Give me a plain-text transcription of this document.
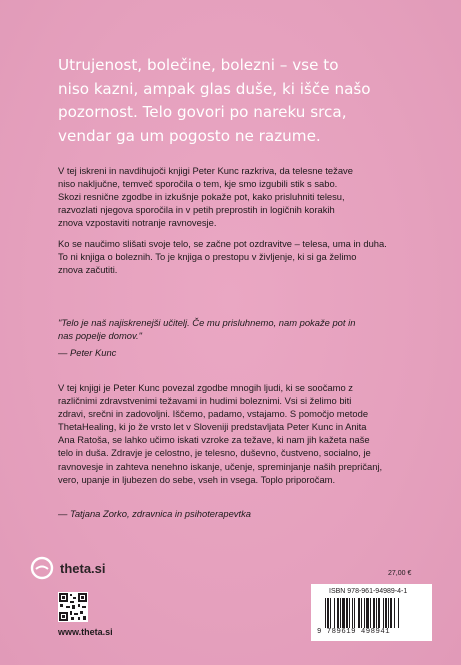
Utrujenost, bolečine, bolezni – vse to
niso kazni, ampak glas duše, ki išče našo
pozornost. Telo govori po nareku srca,
vendar ga um pogosto ne razume.

V tej iskreni in navdihujoči knjigi Peter Kunc razkriva, da telesne težave
niso naključne, temveč sporočila o tem, kje smo izgubili stik s sabo.
Skozi resnične zgodbe in izkušnje pokaže pot, kako prisluhniti telesu,
razvozlati njegova sporočila in v petih preprostih in logičnih korakih
znova vzpostaviti notranje ravnovesje.

Ko se naučimo slišati svoje telo, se začne pot ozdravitve – telesa, uma in duha.
To ni knjiga o boleznih. To je knjiga o prestopu v življenje, ki si ga želimo
znova začutiti.

"Telo je naš najiskrenejši učitelj. Če mu prisluhnemo, nam pokaže pot in
nas popelje domov."

— Peter Kunc

V tej knjigi je Peter Kunc povezal zgodbe mnogih ljudi, ki se soočamo z
različnimi zdravstvenimi težavami in hudimi boleznimi. Vsi si želimo biti
zdravi, srečni in zadovoljni. Iščemo, padamo, vstajamo. S pomočjo metode
ThetaHealing, ki jo že vrsto let v Sloveniji predstavljata Peter Kunc in Anita
Ana Ratoša, se lahko učimo iskati vzroke za težave, ki nam jih kažeta naše
telo in duša. Zdravje je celostno, je telesno, duševno, čustveno, socialno, je
ravnovesje in zahteva nenehno iskanje, učenje, spreminjanje naših prepričanj,
vero, upanje in ljubezen do sebe, vseh in vsega. Toplo priporočam.

— Tatjana Zorko, zdravnica in psihoterapevtka

theta.si

www.theta.si

27,00 €

ISBN 978-961-94989-4-1

9 789619 498941
